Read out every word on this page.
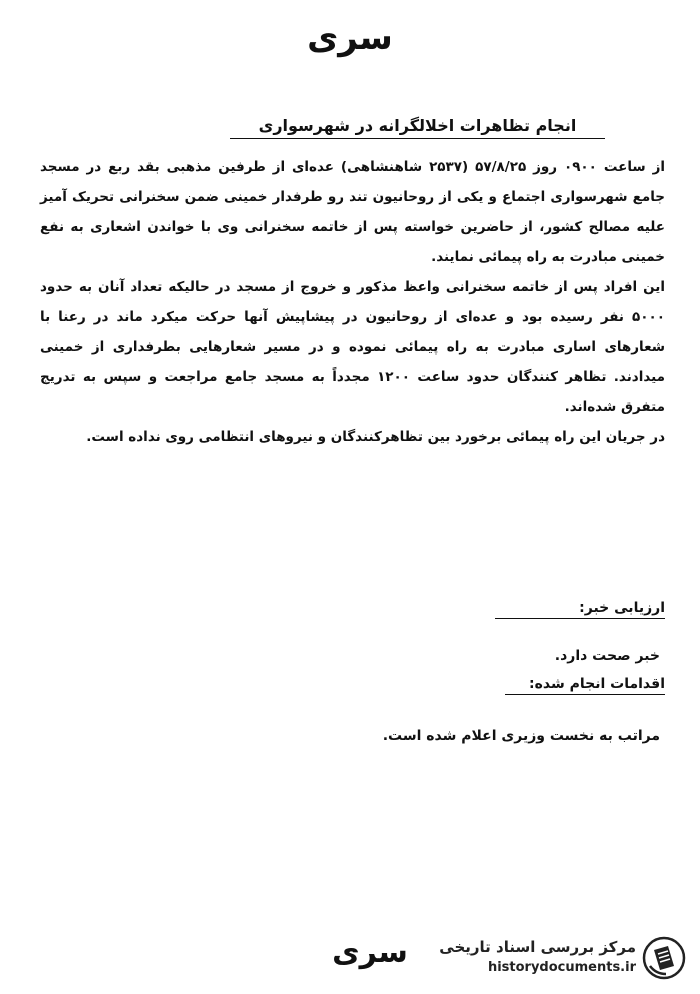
سری
انجام تظاهرات اخلالگرانه در شهرسواری

از ساعت ۰۹۰۰ روز ۵۷/۸/۲۵ (۲۵۳۷ شاهنشاهی) عده‌ای از طرفین مذهبی بقد ربع در مسجد جامع شهرسواری اجتماع و یکی از روحانیون تند رو طرفدار خمینی ضمن سخنرانی تحریک آمیز علیه مصالح کشور، از حاضرین خواسته پس از خاتمه سخنرانی وی با خواندن اشعاری به نفع خمینی مبادرت به راه پیمائی نمایند.

این افراد پس از خاتمه سخنرانی واعظ مذکور و خروج از مسجد در حالیکه تعداد آنان به حدود ۵۰۰۰ نفر رسیده بود و عده‌ای از روحانیون در پیشاپیش آنها حرکت میکرد ماند در رعنا با شعارهای اساری مبادرت به راه پیمائی نموده و در مسیر شعارهایی بطرفداری از خمینی میدادند. تظاهر کنندگان حدود ساعت ۱۲۰۰ مجدداً به مسجد جامع مراجعت و سپس به تدریج متفرق شده‌اند.

در جریان این راه پیمائی برخورد بین تظاهرکنندگان و نیروهای انتظامی روی نداده است.

ارزیابی خبر:
خبر صحت دارد.
اقدامات انجام شده:
مراتب به نخست وزیری اعلام شده است.
سری	مرکز بررسی اسناد تاریخی
historydocuments.ir
